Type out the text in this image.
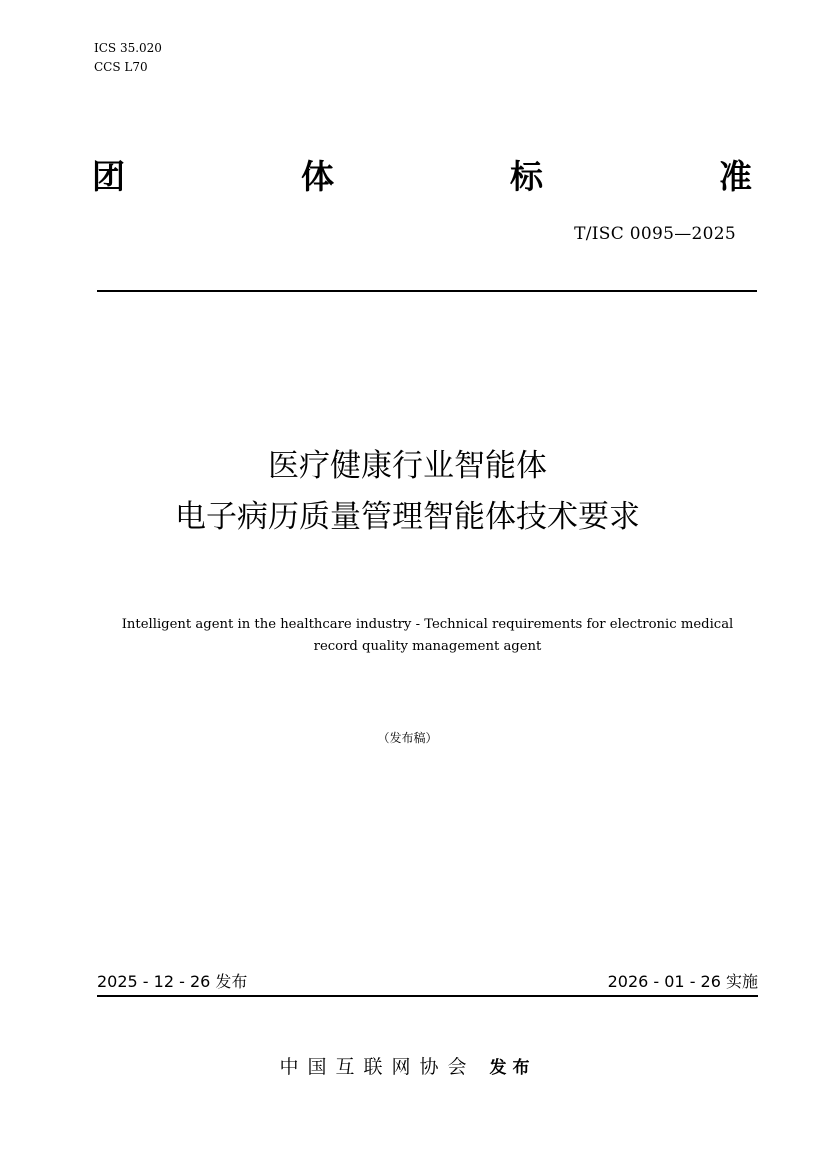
ICS 35.020
CCS L70
团	体	标	准
T/ISC 0095—2025
医疗健康行业智能体
电子病历质量管理智能体技术要求
Intelligent agent in the healthcare industry - Technical requirements for electronic medical
record quality management agent
（发布稿）
2025 - 12 - 26 发布	2026 - 01 - 26 实施
中国互联网协会 发布
